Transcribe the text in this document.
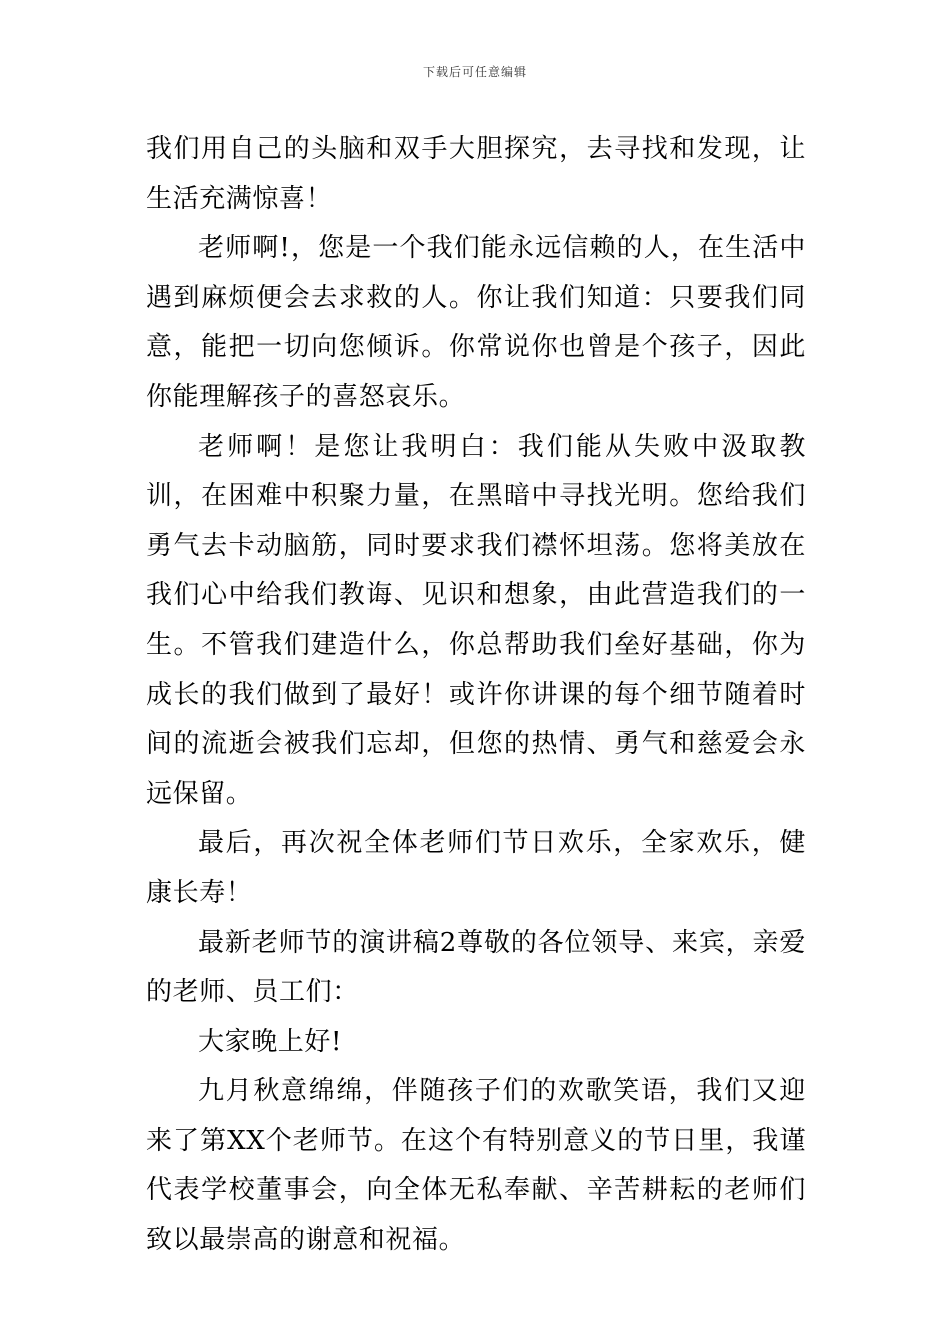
下载后可任意编辑

我们用自己的头脑和双手大胆探究，去寻找和发现，让生活充满惊喜！

老师啊!，您是一个我们能永远信赖的人，在生活中遇到麻烦便会去求救的人。你让我们知道：只要我们同意，能把一切向您倾诉。你常说你也曾是个孩子，因此你能理解孩子的喜怒哀乐。

老师啊！是您让我明白：我们能从失败中汲取教训，在困难中积聚力量，在黑暗中寻找光明。您给我们勇气去卡动脑筋，同时要求我们襟怀坦荡。您将美放在我们心中给我们教诲、见识和想象，由此营造我们的一生。不管我们建造什么，你总帮助我们垒好基础，你为成长的我们做到了最好！或许你讲课的每个细节随着时间的流逝会被我们忘却，但您的热情、勇气和慈爱会永远保留。

最后，再次祝全体老师们节日欢乐，全家欢乐，健康长寿！

最新老师节的演讲稿2尊敬的各位领导、来宾，亲爱的老师、员工们：

大家晚上好!

九月秋意绵绵，伴随孩子们的欢歌笑语，我们又迎来了第XX个老师节。在这个有特别意义的节日里，我谨代表学校董事会，向全体无私奉献、辛苦耕耘的老师们致以最崇高的谢意和祝福。
